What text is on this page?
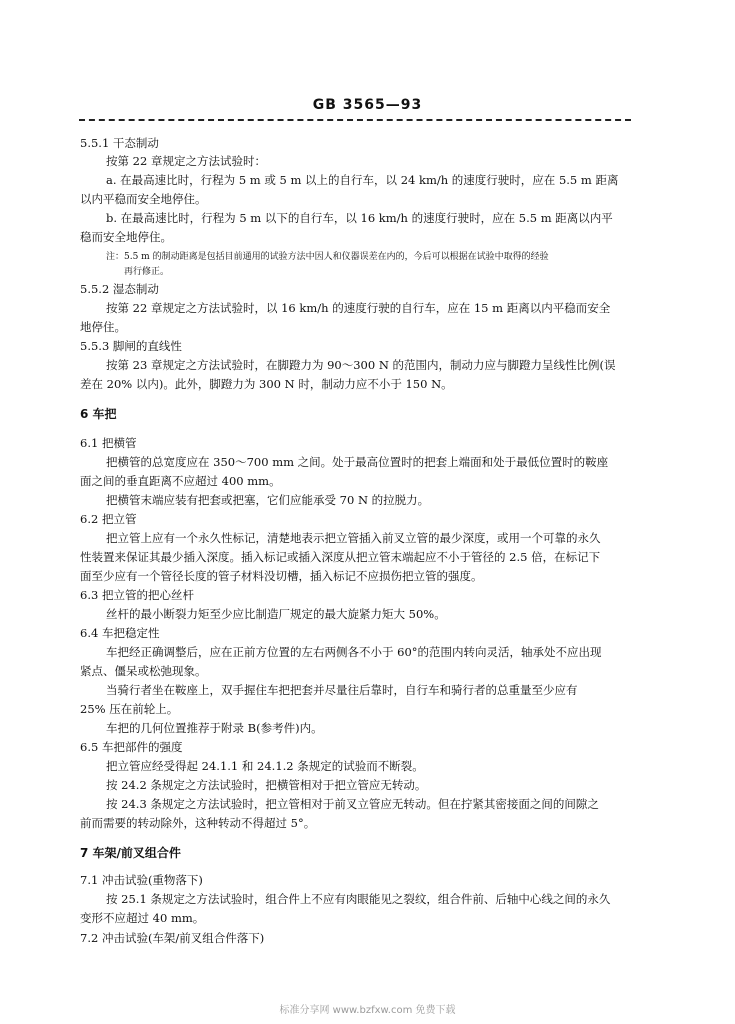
GB 3565—93
5.5.1 干态制动
按第 22 章规定之方法试验时：
a. 在最高速比时，行程为 5 m 或 5 m 以上的自行车，以 24 km/h 的速度行驶时，应在 5.5 m 距离
以内平稳而安全地停住。
b. 在最高速比时，行程为 5 m 以下的自行车，以 16 km/h 的速度行驶时，应在 5.5 m 距离以内平
稳而安全地停住。
注：5.5 m 的制动距离是包括目前通用的试验方法中因人和仪器误差在内的，今后可以根据在试验中取得的经验
再行修正。
5.5.2 湿态制动
按第 22 章规定之方法试验时，以 16 km/h 的速度行驶的自行车，应在 15 m 距离以内平稳而安全
地停住。
5.5.3 脚闸的直线性
按第 23 章规定之方法试验时，在脚蹬力为 90～300 N 的范围内，制动力应与脚蹬力呈线性比例(误
差在 20% 以内)。此外，脚蹬力为 300 N 时，制动力应不小于 150 N。
6 车把
6.1 把横管
把横管的总宽度应在 350～700 mm 之间。处于最高位置时的把套上端面和处于最低位置时的鞍座
面之间的垂直距离不应超过 400 mm。
把横管末端应装有把套或把塞，它们应能承受 70 N 的拉脱力。
6.2 把立管
把立管上应有一个永久性标记，清楚地表示把立管插入前叉立管的最少深度，或用一个可靠的永久
性装置来保证其最少插入深度。插入标记或插入深度从把立管末端起应不小于管径的 2.5 倍，在标记下
面至少应有一个管径长度的管子材料没切槽，插入标记不应损伤把立管的强度。
6.3 把立管的把心丝杆
丝杆的最小断裂力矩至少应比制造厂规定的最大旋紧力矩大 50%。
6.4 车把稳定性
车把经正确调整后，应在正前方位置的左右两侧各不小于 60°的范围内转向灵活，轴承处不应出现
紧点、僵呆或松弛现象。
当骑行者坐在鞍座上，双手握住车把把套并尽量往后靠时，自行车和骑行者的总重量至少应有
25% 压在前轮上。
车把的几何位置推荐于附录 B(参考件)内。
6.5 车把部件的强度
把立管应经受得起 24.1.1 和 24.1.2 条规定的试验而不断裂。
按 24.2 条规定之方法试验时，把横管相对于把立管应无转动。
按 24.3 条规定之方法试验时，把立管相对于前叉立管应无转动。但在拧紧其密接面之间的间隙之
前而需要的转动除外，这种转动不得超过 5°。
7 车架/前叉组合件
7.1 冲击试验(重物落下)
按 25.1 条规定之方法试验时，组合件上不应有肉眼能见之裂纹，组合件前、后轴中心线之间的永久
变形不应超过 40 mm。
7.2 冲击试验(车架/前叉组合件落下)
标准分享网 www.bzfxw.com 免费下载
